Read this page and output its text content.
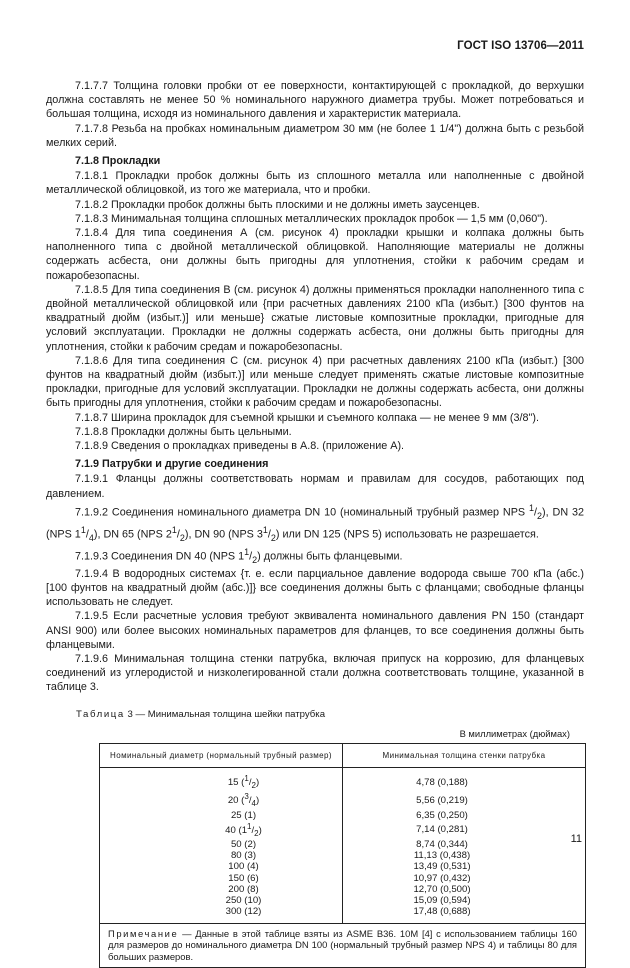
ГОСТ ISO 13706—2011

7.1.7.7 Толщина головки пробки от ее поверхности, контактирующей с прокладкой, до верхушки должна составлять не менее 50 % номинального наружного диаметра трубы. Может потребоваться и большая толщина, исходя из номинального давления и характеристик материала.

7.1.7.8 Резьба на пробках номинальным диаметром 30 мм (не более 1 1/4") должна быть с резьбой мелких серий.

7.1.8 Прокладки

7.1.8.1 Прокладки пробок должны быть из сплошного металла или наполненные с двойной металлической облицовкой, из того же материала, что и пробки.

7.1.8.2 Прокладки пробок должны быть плоскими и не должны иметь заусенцев.

7.1.8.3 Минимальная толщина сплошных металлических прокладок пробок — 1,5 мм (0,060").

7.1.8.4 Для типа соединения А (см. рисунок 4) прокладки крышки и колпака должны быть наполненного типа с двойной металлической облицовкой. Наполняющие материалы не должны содержать асбеста, они должны быть пригодны для уплотнения, стойки к рабочим средам и пожаробезопасны.

7.1.8.5 Для типа соединения В (см. рисунок 4) должны применяться прокладки наполненного типа с двойной металлической облицовкой или {при расчетных давлениях 2100 кПа (избыт.) [300 фунтов на квадратный дюйм (избыт.)] или меньше} сжатые листовые композитные прокладки, пригодные для условий эксплуатации. Прокладки не должны содержать асбеста, они должны быть пригодны для уплотнения, стойки к рабочим средам и пожаробезопасны.

7.1.8.6 Для типа соединения С (см. рисунок 4) при расчетных давлениях 2100 кПа (избыт.) [300 фунтов на квадратный дюйм (избыт.)] или меньше следует применять сжатые листовые композитные прокладки, пригодные для условий эксплуатации. Прокладки не должны содержать асбеста, они должны быть пригодны для уплотнения, стойки к рабочим средам и пожаробезопасны.

7.1.8.7 Ширина прокладок для съемной крышки и съемного колпака — не менее 9 мм (3/8").

7.1.8.8 Прокладки должны быть цельными.

7.1.8.9 Сведения о прокладках приведены в А.8. (приложение А).

7.1.9 Патрубки и другие соединения

7.1.9.1 Фланцы должны соответствовать нормам и правилам для сосудов, работающих под давлением.

7.1.9.2 Соединения номинального диаметра DN 10 (номинальный трубный размер NPS $^1/_2$), DN 32 (NPS $1^1/_4$), DN 65 (NPS $2^1/_2$), DN 90 (NPS $3^1/_2$) или DN 125 (NPS 5) использовать не разрешается.

7.1.9.3 Соединения DN 40 (NPS $1^1/_2$) должны быть фланцевыми.

7.1.9.4 В водородных системах {т. е. если парциальное давление водорода свыше 700 кПа (абс.) [100 фунтов на квадратный дюйм (абс.)]} все соединения должны быть с фланцами; свободные фланцы использовать не следует.

7.1.9.5 Если расчетные условия требуют эквивалента номинального давления PN 150 (стандарт ANSI 900) или более высоких номинальных параметров для фланцев, то все соединения должны быть фланцевыми.

7.1.9.6 Минимальная толщина стенки патрубка, включая припуск на коррозию, для фланцевых соединений из углеродистой и низколегированной стали должна соответствовать толщине, указанной в таблице 3.

Таблица 3 — Минимальная толщина шейки патрубка
В миллиметрах (дюймах)
Номинальный диаметр (нормальный трубный размер)	Минимальная толщина стенки патрубка
15 $(^1/_2)$	4,78 (0,188)
20 $(^3/_4)$	5,56 (0,219)
25 (1)	6,35 (0,250)
40 $(1^1/_2)$	7,14 (0,281)
50 (2)	8,74 (0,344)
80 (3)	11,13 (0,438)
100 (4)	13,49 (0,531)
150 (6)	10,97 (0,432)
200 (8)	12,70 (0,500)
250 (10)	15,09 (0,594)
300 (12)	17,48 (0,688)
Примечание — Данные в этой таблице взяты из ASME B36. 10M [4] с использованием таблицы 160 для размеров до номинального диаметра DN 100 (нормальный трубный размер NPS 4) и таблицы 80 для больших размеров.	
11
